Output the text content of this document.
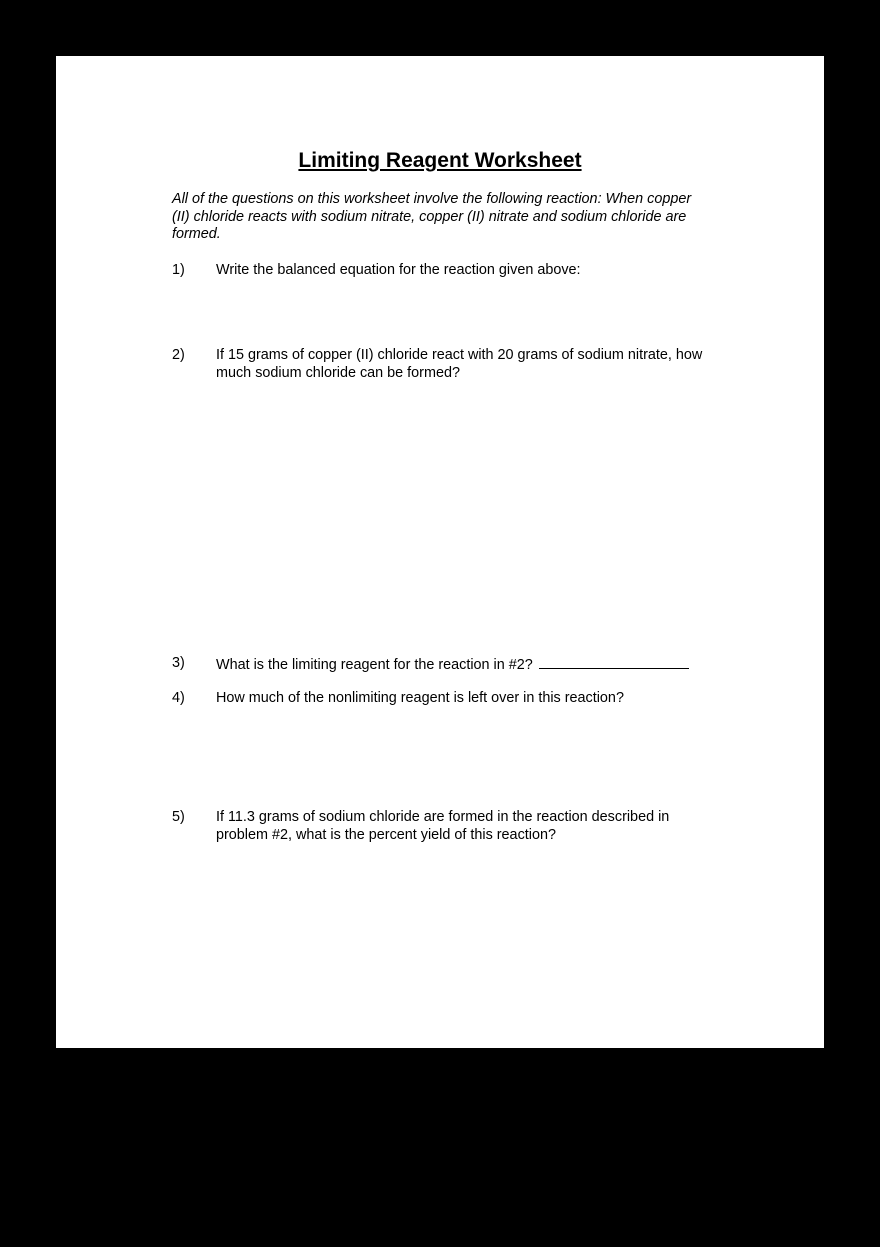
Limiting Reagent Worksheet
All of the questions on this worksheet involve the following reaction: When copper (II) chloride reacts with sodium nitrate, copper (II) nitrate and sodium chloride are formed.
1) Write the balanced equation for the reaction given above:
2) If 15 grams of copper (II) chloride react with 20 grams of sodium nitrate, how much sodium chloride can be formed?
3) What is the limiting reagent for the reaction in #2?
4) How much of the nonlimiting reagent is left over in this reaction?
5) If 11.3 grams of sodium chloride are formed in the reaction described in problem #2, what is the percent yield of this reaction?
